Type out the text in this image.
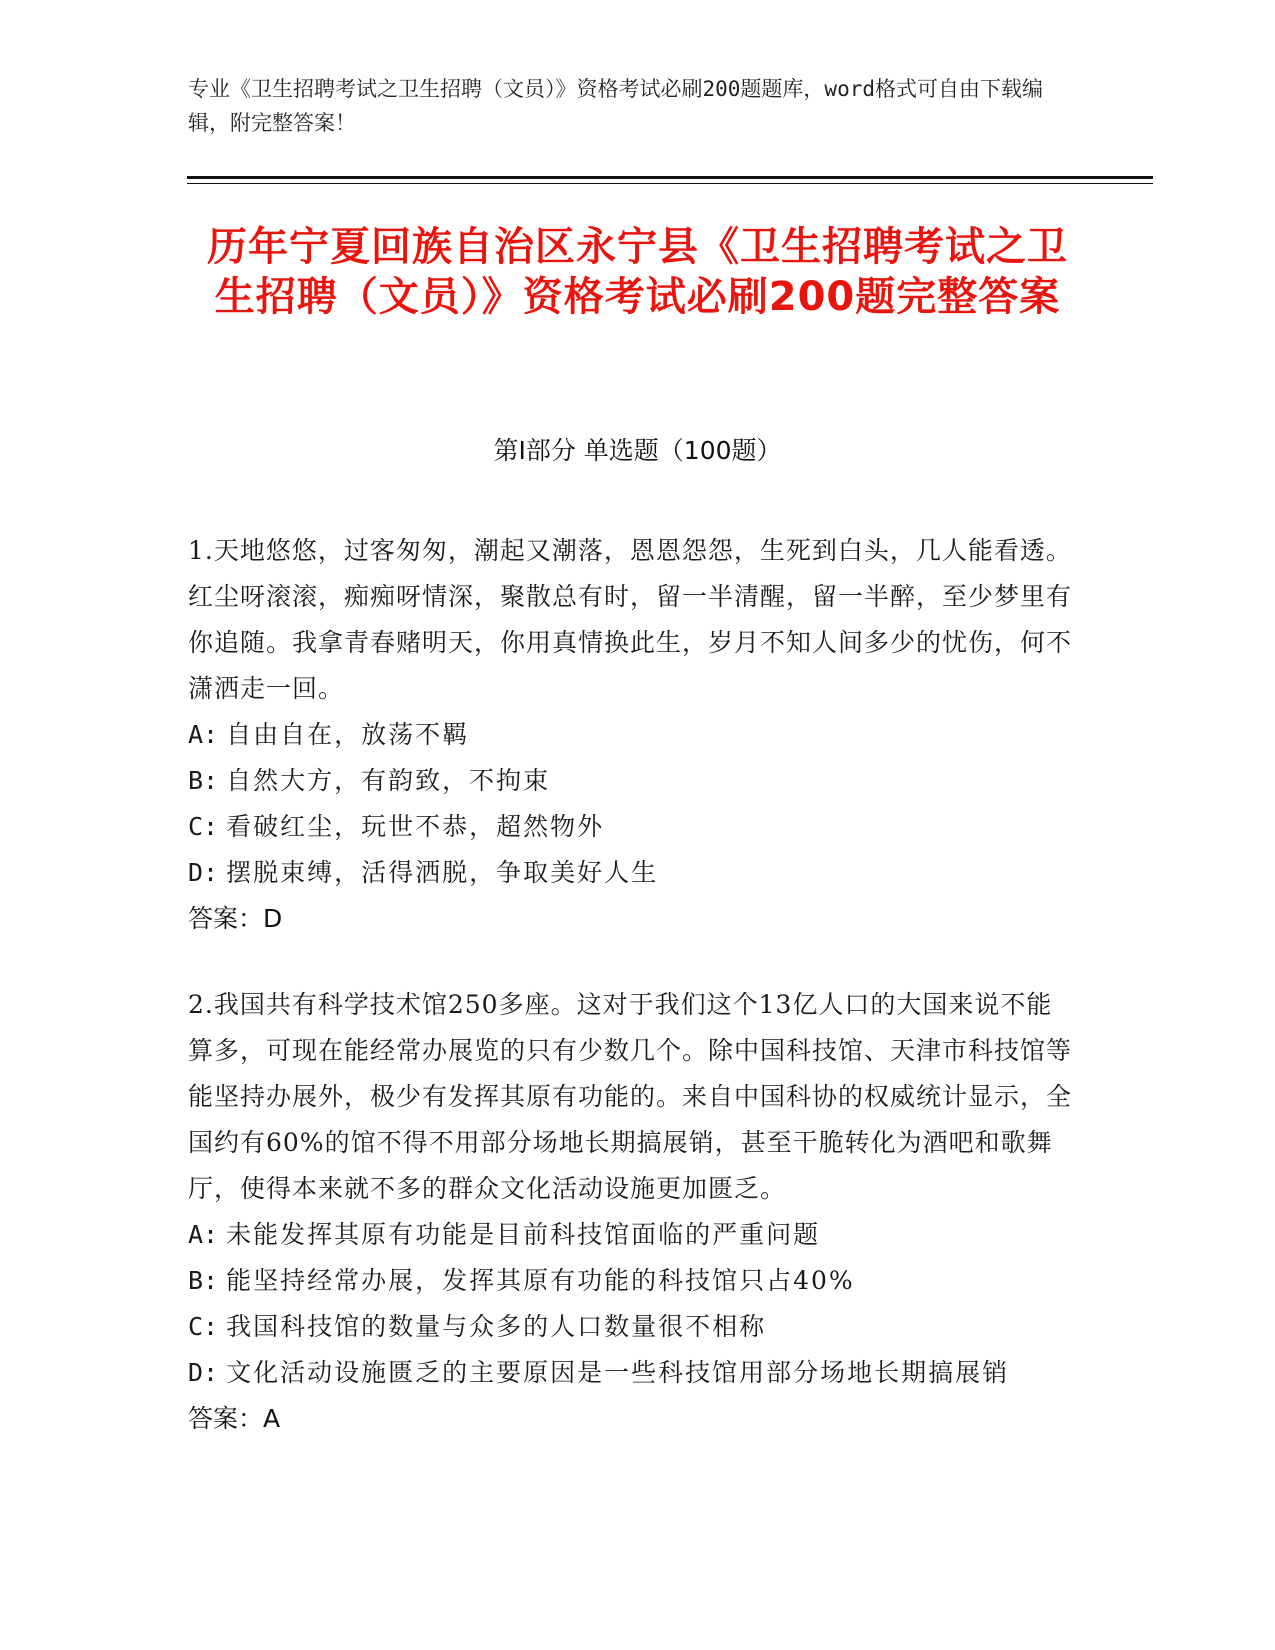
专业《卫生招聘考试之卫生招聘（文员）》资格考试必刷200题题库，word格式可自由下载编辑，附完整答案！
历年宁夏回族自治区永宁县《卫生招聘考试之卫生招聘（文员）》资格考试必刷200题完整答案
第Ⅰ部分 单选题（100题）

1.天地悠悠，过客匆匆，潮起又潮落，恩恩怨怨，生死到白头，几人能看透。红尘呀滚滚，痴痴呀情深，聚散总有时，留一半清醒，留一半醉，至少梦里有你追随。我拿青春赌明天，你用真情换此生，岁月不知人间多少的忧伤，何不潇洒走一回。

A: 自由自在，放荡不羁

B: 自然大方，有韵致，不拘束

C: 看破红尘，玩世不恭，超然物外

D: 摆脱束缚，活得洒脱，争取美好人生

答案：D

2.我国共有科学技术馆250多座。这对于我们这个13亿人口的大国来说不能算多，可现在能经常办展览的只有少数几个。除中国科技馆、天津市科技馆等能坚持办展外，极少有发挥其原有功能的。来自中国科协的权威统计显示，全国约有60%的馆不得不用部分场地长期搞展销，甚至干脆转化为酒吧和歌舞厅，使得本来就不多的群众文化活动设施更加匮乏。

A: 未能发挥其原有功能是目前科技馆面临的严重问题

B: 能坚持经常办展，发挥其原有功能的科技馆只占40%

C: 我国科技馆的数量与众多的人口数量很不相称

D: 文化活动设施匮乏的主要原因是一些科技馆用部分场地长期搞展销

答案：A
